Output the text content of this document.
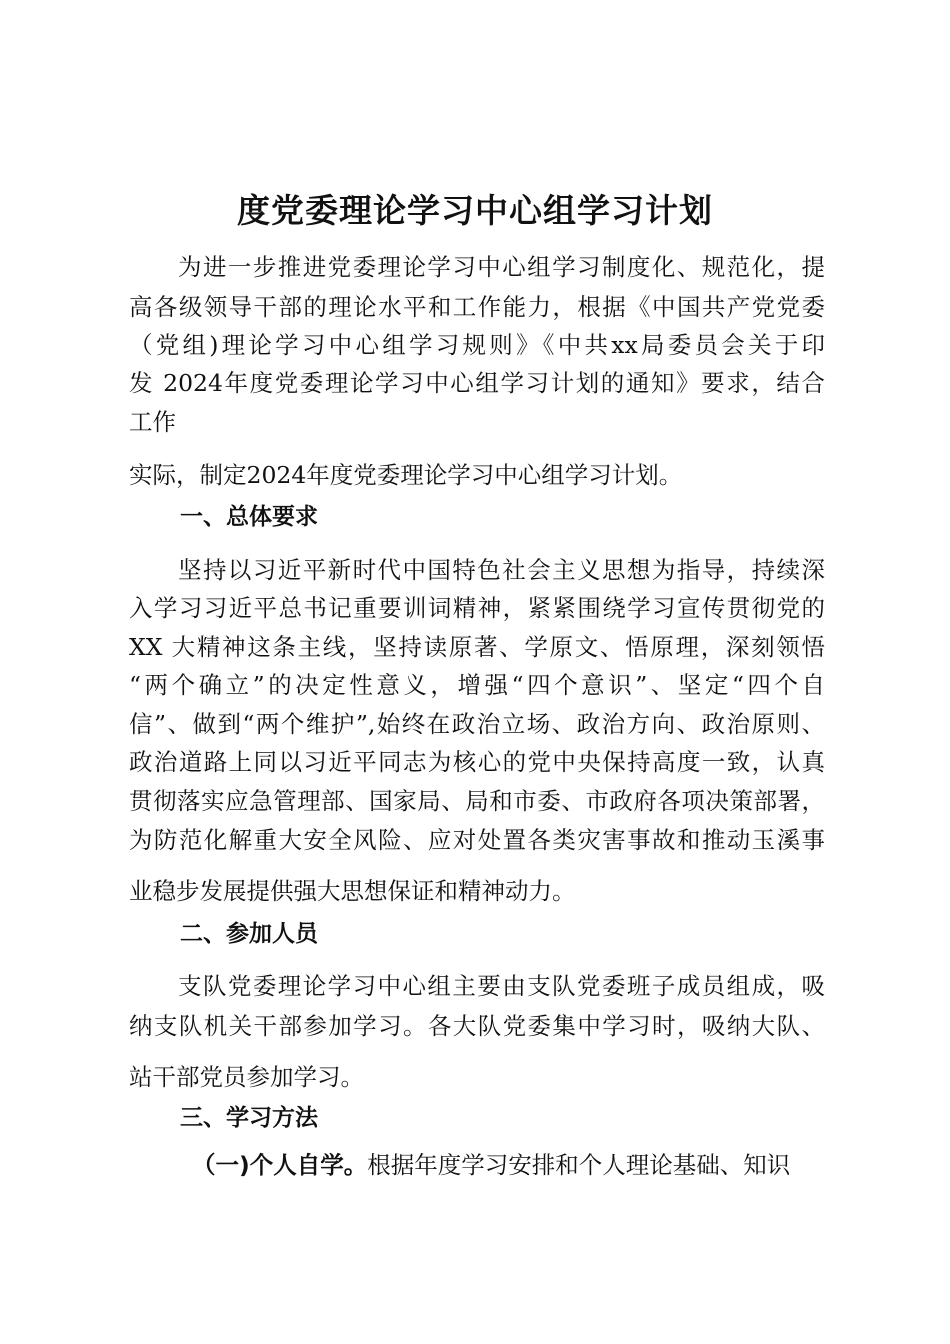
度党委理论学习中心组学习计划
为进一步推进党委理论学习中心组学习制度化、规范化，提
高各级领导干部的理论水平和工作能力，根据《中国共产党党委
（党组)理论学习中心组学习规则》《中共xx局委员会关于印
发 2024年度党委理论学习中心组学习计划的通知》要求，结合
工作
实际，制定2024年度党委理论学习中心组学习计划。
一、总体要求
坚持以习近平新时代中国特色社会主义思想为指导，持续深
入学习习近平总书记重要训词精神，紧紧围绕学习宣传贯彻党的
XX 大精神这条主线，坚持读原著、学原文、悟原理，深刻领悟
“两个确立”的决定性意义，增强“四个意识”、坚定“四个自
信”、做到“两个维护”,始终在政治立场、政治方向、政治原则、
政治道路上同以习近平同志为核心的党中央保持高度一致，认真
贯彻落实应急管理部、国家局、局和市委、市政府各项决策部署，
为防范化解重大安全风险、应对处置各类灾害事故和推动玉溪事
业稳步发展提供强大思想保证和精神动力。
二、参加人员
支队党委理论学习中心组主要由支队党委班子成员组成，吸
纳支队机关干部参加学习。各大队党委集中学习时，吸纳大队、
站干部党员参加学习。
三、学习方法
（一)个人自学。根据年度学习安排和个人理论基础、知识
